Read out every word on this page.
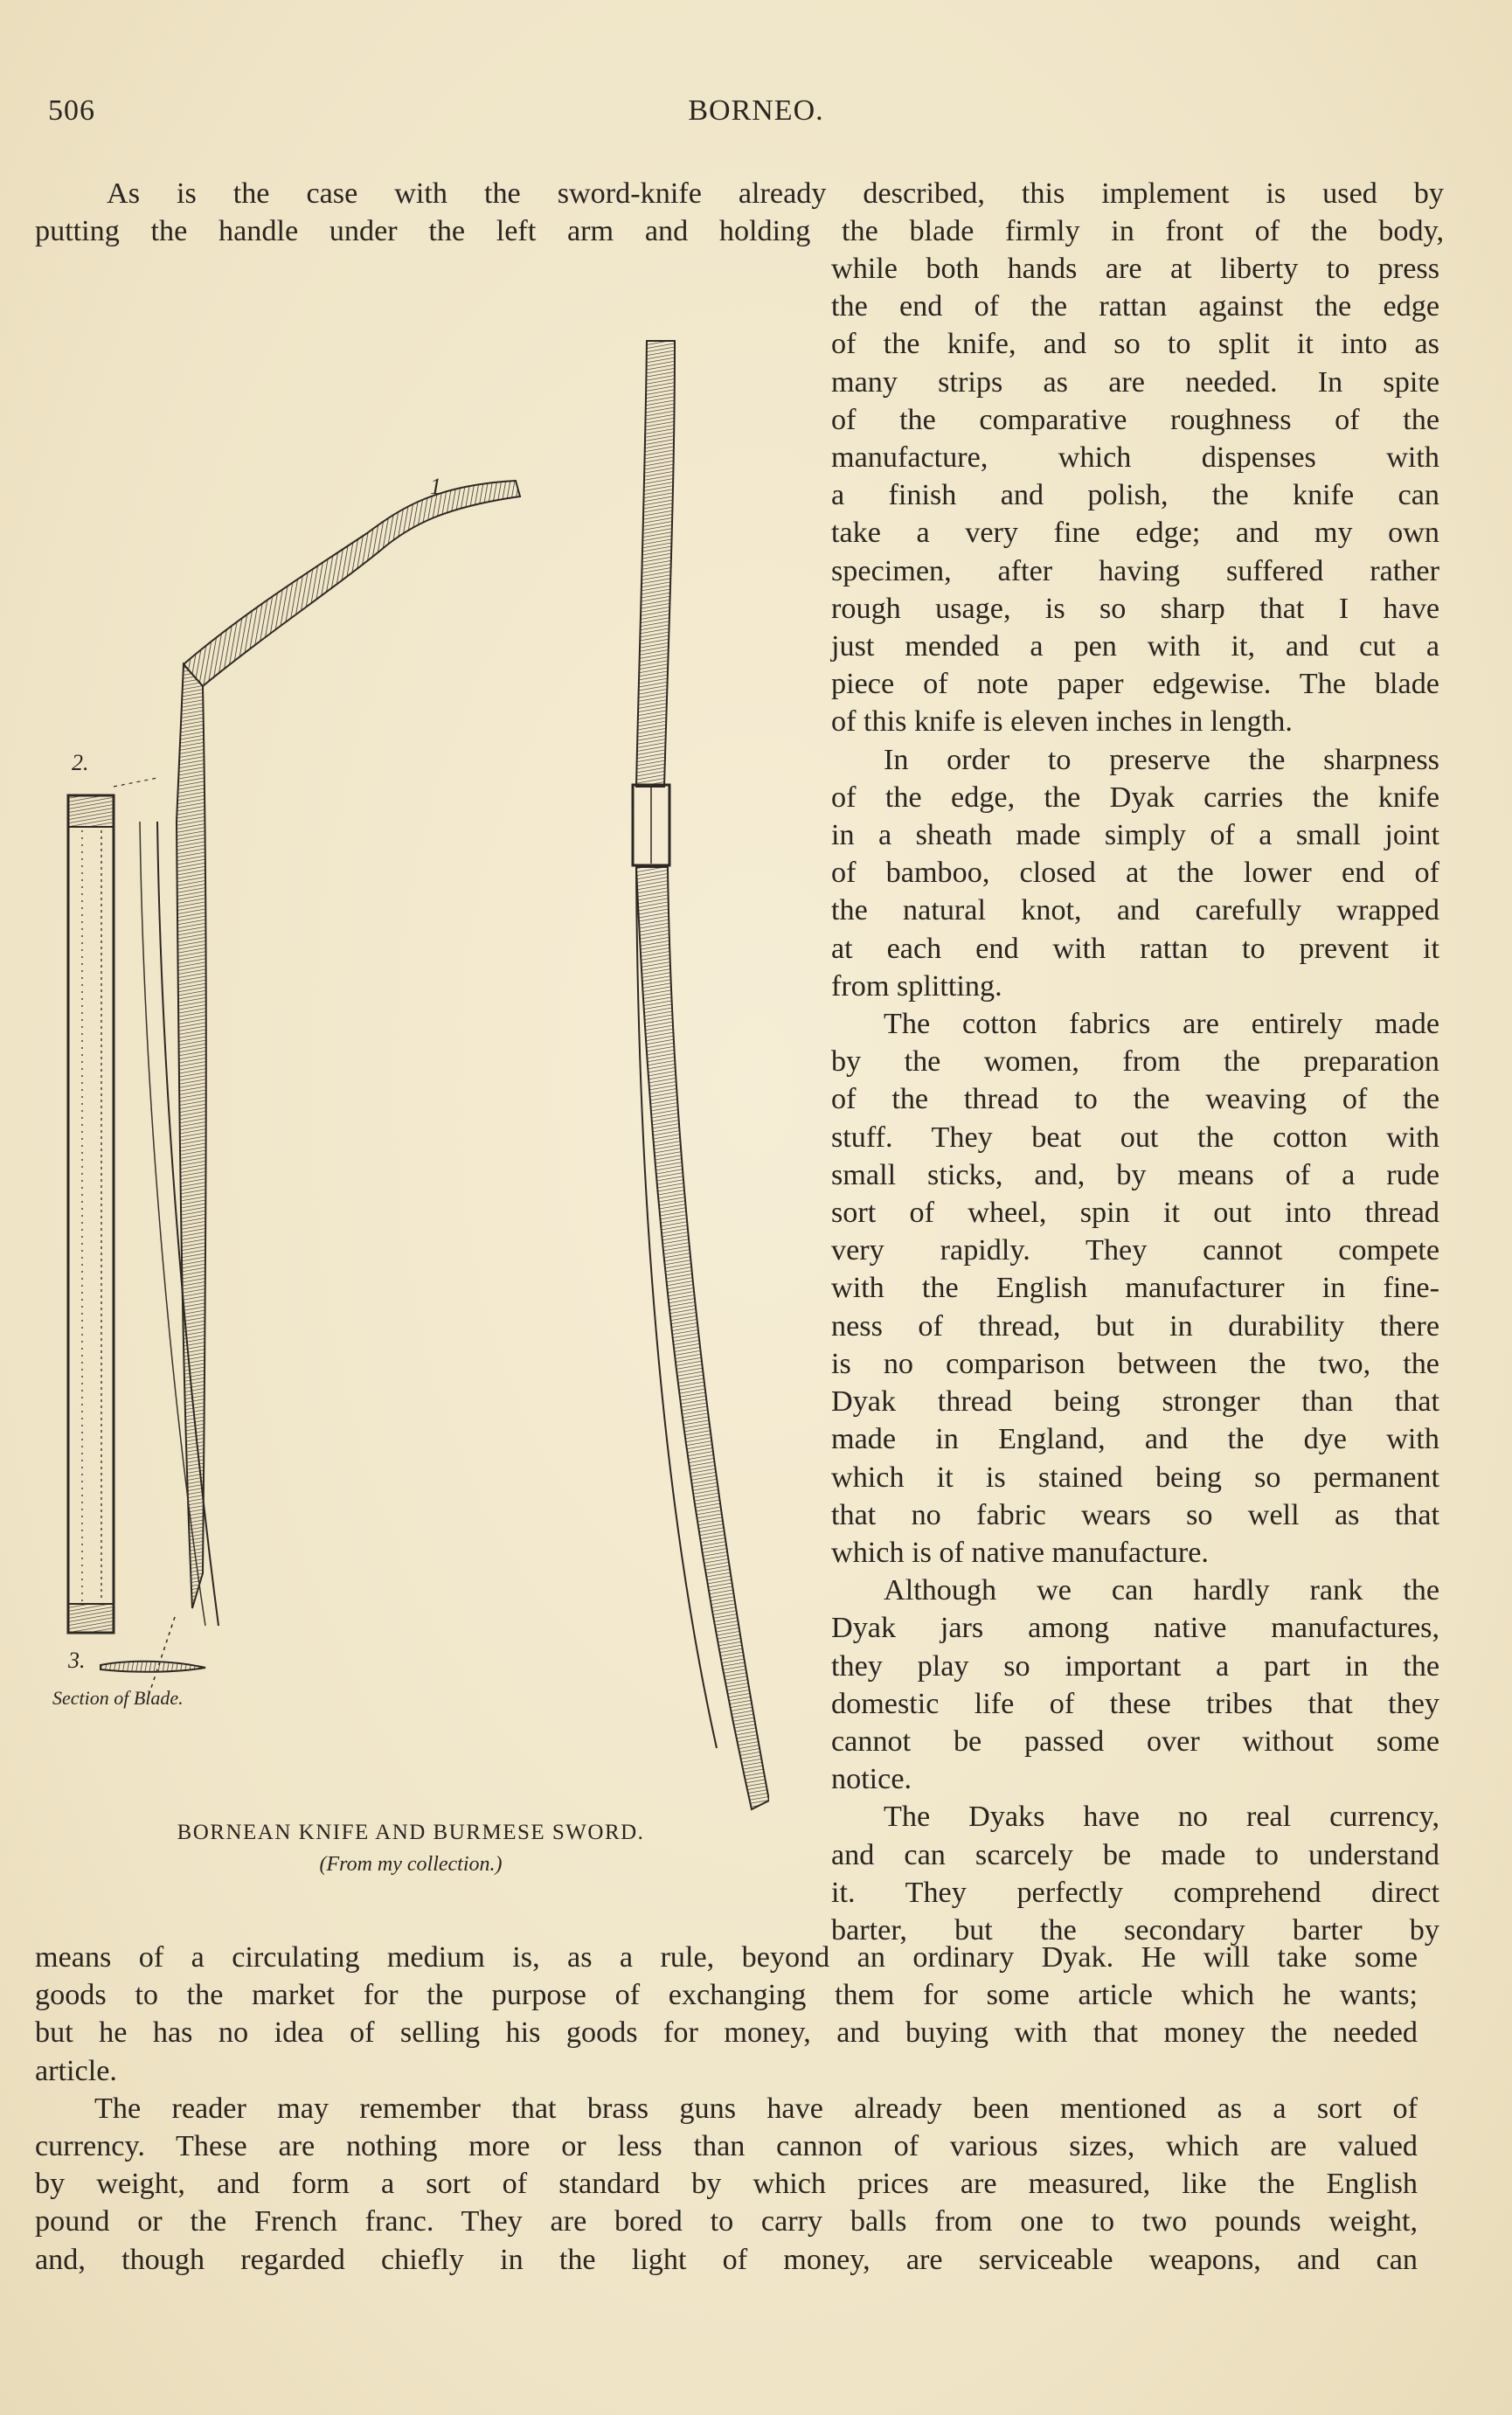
506	BORNEO.
As is the case with the sword-knife already described, this implement is used by
putting the handle under the left arm and holding the blade firmly in front of the body,
while both hands are at liberty to press
the end of the rattan against the edge
of the knife, and so to split it into as
many strips as are needed. In spite
of the comparative roughness of the
manufacture, which dispenses with
a finish and polish, the knife can
take a very fine edge; and my own
specimen, after having suffered rather
rough usage, is so sharp that I have
just mended a pen with it, and cut a
piece of note paper edgewise. The blade
of this knife is eleven inches in length.
In order to preserve the sharpness
of the edge, the Dyak carries the knife
in a sheath made simply of a small joint
of bamboo, closed at the lower end of
the natural knot, and carefully wrapped
at each end with rattan to prevent it
from splitting.
The cotton fabrics are entirely made
by the women, from the preparation
of the thread to the weaving of the
stuff. They beat out the cotton with
small sticks, and, by means of a rude
sort of wheel, spin it out into thread
very rapidly. They cannot compete
with the English manufacturer in fine-
ness of thread, but in durability there
is no comparison between the two, the
Dyak thread being stronger than that
made in England, and the dye with
which it is stained being so permanent
that no fabric wears so well as that
which is of native manufacture.
Although we can hardly rank the
Dyak jars among native manufactures,
they play so important a part in the
domestic life of these tribes that they
cannot be passed over without some
notice.
The Dyaks have no real currency,
and can scarcely be made to understand
it. They perfectly comprehend direct
barter, but the secondary barter by
1
2.
3.
Section of Blade.
BORNEAN KNIFE AND BURMESE SWORD.
(From my collection.)
means of a circulating medium is, as a rule, beyond an ordinary Dyak. He will take some
goods to the market for the purpose of exchanging them for some article which he wants;
but he has no idea of selling his goods for money, and buying with that money the needed
article.
The reader may remember that brass guns have already been mentioned as a sort of
currency. These are nothing more or less than cannon of various sizes, which are valued
by weight, and form a sort of standard by which prices are measured, like the English
pound or the French franc. They are bored to carry balls from one to two pounds weight,
and, though regarded chiefly in the light of money, are serviceable weapons, and can
